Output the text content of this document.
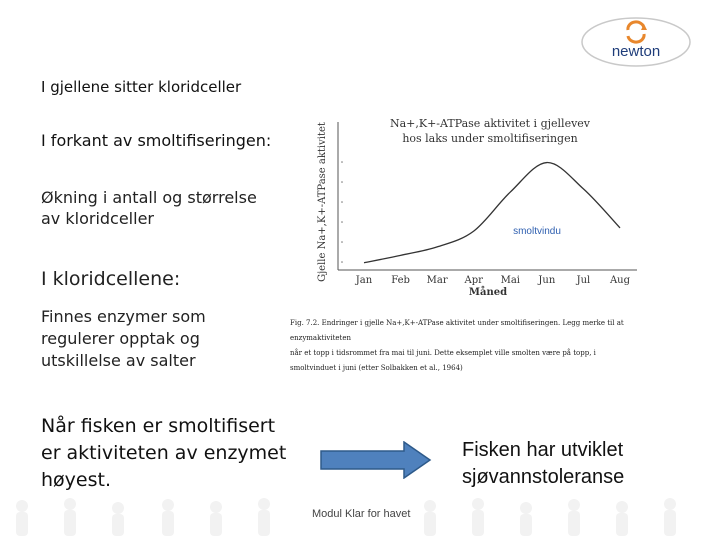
newton
I gjellene sitter kloridceller
I forkant av smoltifiseringen:
Økning i antall og størrelse av kloridceller
I kloridcellene:
Finnes enzymer som regulerer opptak og utskillelse av salter
Når fisken er smoltifisert er aktiviteten av enzymet høyest.
Na+,K+-ATPase aktivitet i gjellevev
hos laks under smoltifiseringen
Gjelle Na+,K+-ATPase aktivitet	Jan Feb Mar Apr Mai Jun Jul Aug
smoltvindu
Måned
Fig. 7.2. Endringer i gjelle Na+,K+-ATPase aktivitet under smoltifiseringen. Legg merke til at enzymaktiviteten
når et topp i tidsrommet fra mai til juni. Dette eksemplet ville smolten være på topp, i
smoltvinduet i juni (etter Solbakken et al., 1964)
Fisken har utviklet sjøvannstoleranse
Modul Klar for havet
